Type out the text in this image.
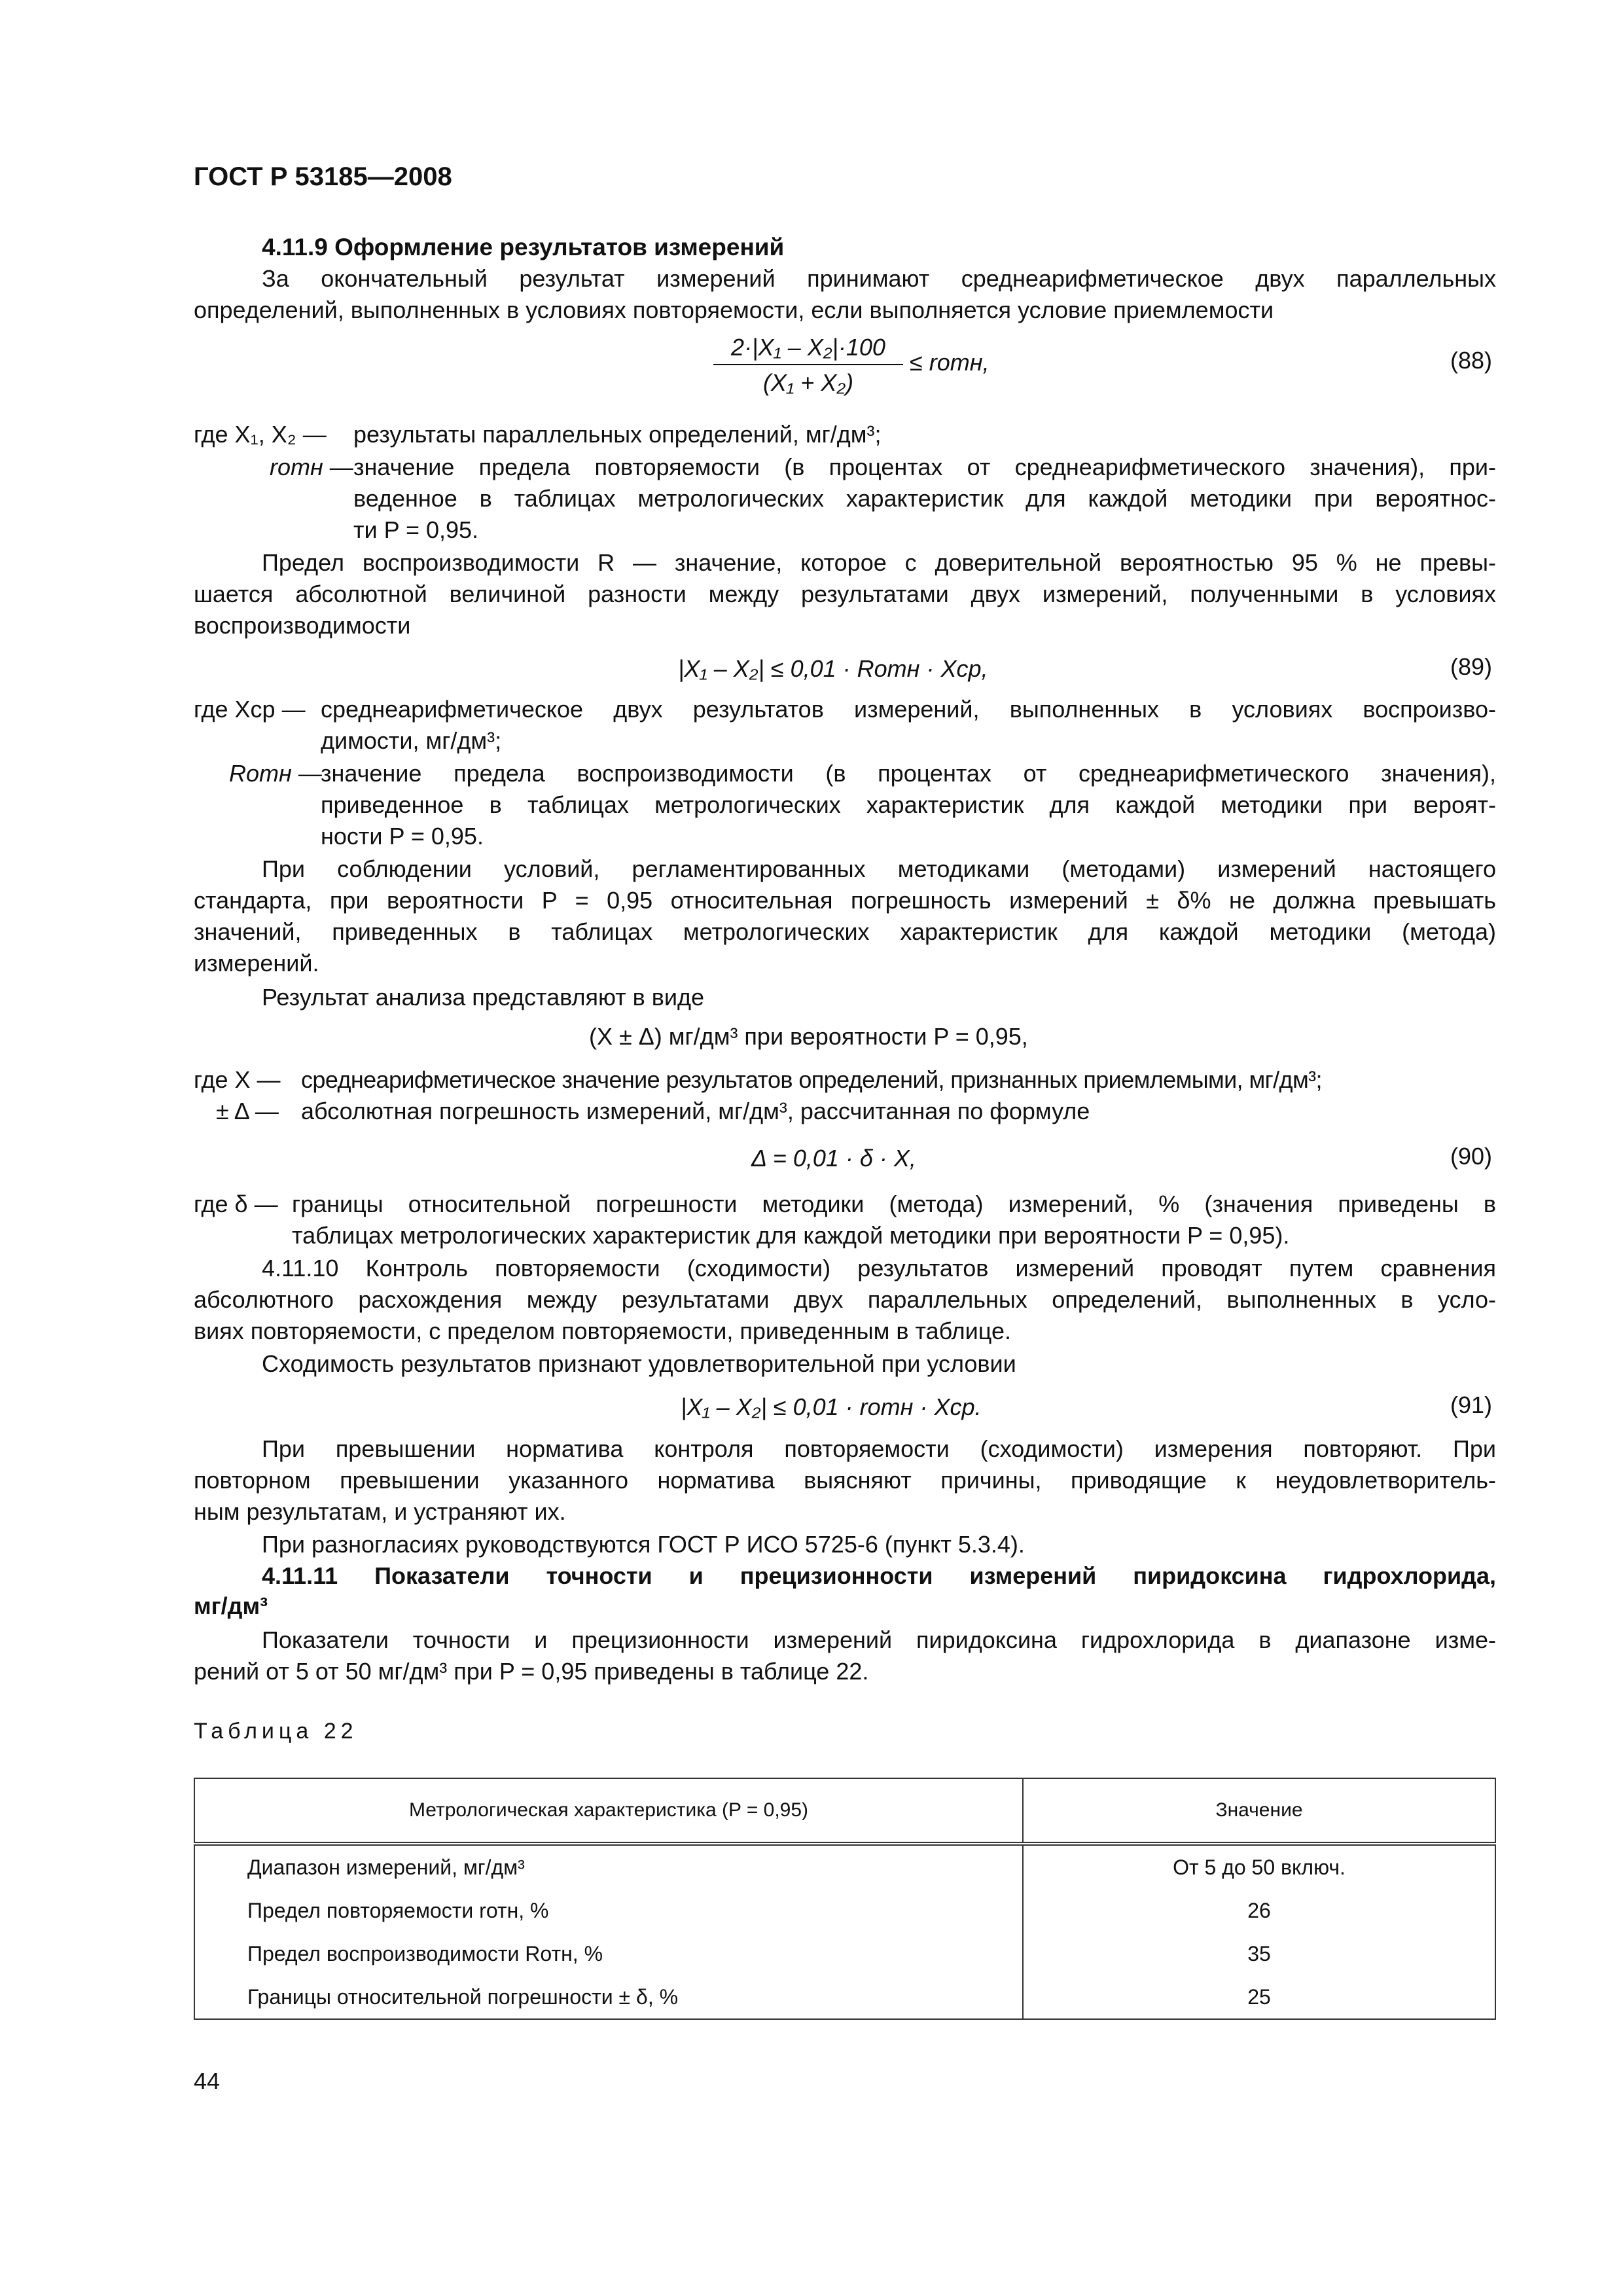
ГОСТ Р 53185—2008
4.11.9 Оформление результатов измерений
За окончательный результат измерений принимают среднеарифметическое двух параллельных
определений, выполненных в условиях повторяемости, если выполняется условие приемлемости
$\frac{\text{2·|X₁ – X₂|·100}}{\text{(X₁ + X₂)}}$ ≤ rотн,	(88)
где X₁, X₂ — результаты параллельных определений, мг/дм³;
rотн — значение предела повторяемости (в процентах от среднеарифметического значения), при-
веденное в таблицах метрологических характеристик для каждой методики при вероятнос-
ти P = 0,95.
Предел воспроизводимости R — значение, которое с доверительной вероятностью 95 % не превы-
шается абсолютной величиной разности между результатами двух измерений, полученными в условиях
воспроизводимости
|X₁ – X₂| ≤ 0,01 · Rотн · Xср,	(89)
где Xср — среднеарифметическое двух результатов измерений, выполненных в условиях воспроизво-
димости, мг/дм³;
Rотн —
значение предела воспроизводимости (в процентах от среднеарифметического значения),
приведенное в таблицах метрологических характеристик для каждой методики при вероят-
ности P = 0,95.
При соблюдении условий, регламентированных методиками (методами) измерений настоящего
стандарта, при вероятности P = 0,95 относительная погрешность измерений ± δ% не должна превышать
значений, приведенных в таблицах метрологических характеристик для каждой методики (метода)
измерений.
Результат анализа представляют в виде
(X ± Δ) мг/дм³ при вероятности P = 0,95,
где X — среднеарифметическое значение результатов определений, признанных приемлемыми, мг/дм³;
± Δ — абсолютная погрешность измерений, мг/дм³, рассчитанная по формуле
Δ = 0,01 · δ · X,	(90)
где δ — границы относительной погрешности методики (метода) измерений, % (значения приведены в
таблицах метрологических характеристик для каждой методики при вероятности P = 0,95).
4.11.10 Контроль повторяемости (сходимости) результатов измерений проводят путем сравнения
абсолютного расхождения между результатами двух параллельных определений, выполненных в усло-
виях повторяемости, с пределом повторяемости, приведенным в таблице.
Сходимость результатов признают удовлетворительной при условии
|X₁ – X₂| ≤ 0,01 · rотн · Xср.	(91)
При превышении норматива контроля повторяемости (сходимости) измерения повторяют. При
повторном превышении указанного норматива выясняют причины, приводящие к неудовлетворитель-
ным результатам, и устраняют их.
При разногласиях руководствуются ГОСТ Р ИСО 5725-6 (пункт 5.3.4).
4.11.11 Показатели точности и прецизионности измерений пиридоксина гидрохлорида,
мг/дм³
Показатели точности и прецизионности измерений пиридоксина гидрохлорида в диапазоне изме-
рений от 5 от 50 мг/дм³ при P = 0,95 приведены в таблице 22.
Таблица 22
Метрологическая характеристика (P = 0,95)	Значение
Диапазон измерений, мг/дм³	От 5 до 50 включ.
Предел повторяемости rотн, %	26
Предел воспроизводимости Rотн, %	35
Границы относительной погрешности ± δ, %	25
44
